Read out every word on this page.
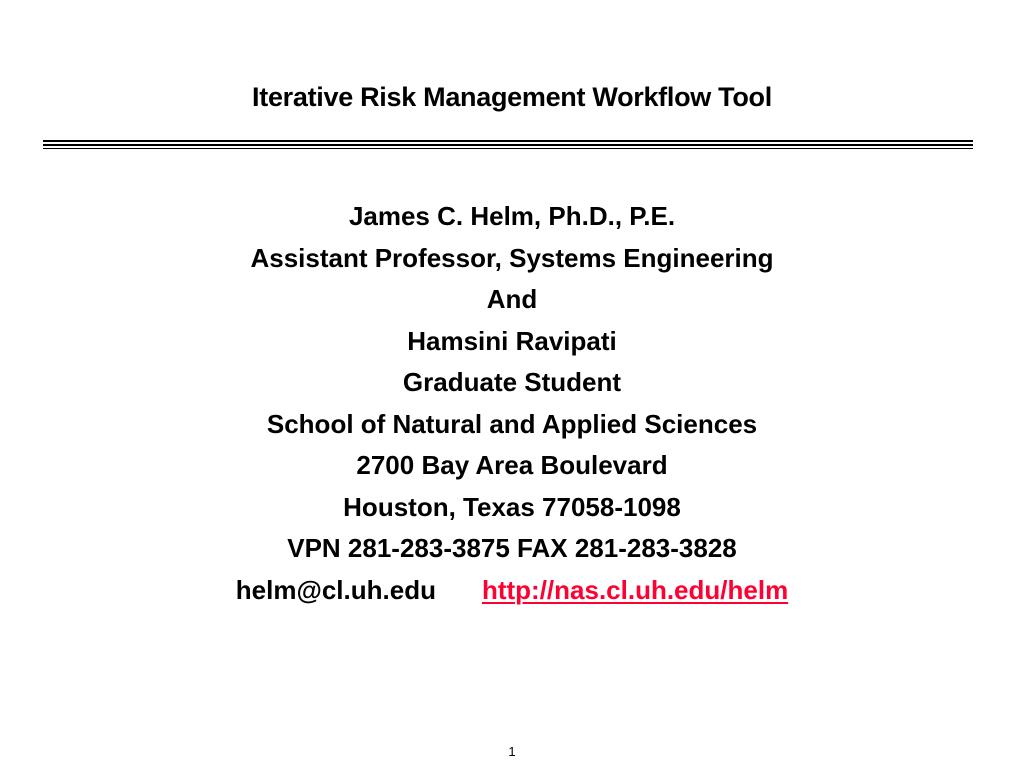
Iterative Risk Management Workflow Tool
James C. Helm, Ph.D., P.E.
Assistant Professor, Systems Engineering
And
Hamsini Ravipati
Graduate Student
School of Natural and Applied Sciences
2700 Bay Area Boulevard
Houston, Texas 77058-1098
VPN 281-283-3875 FAX 281-283-3828
helm@cl.uh.edu http://nas.cl.uh.edu/helm
1
